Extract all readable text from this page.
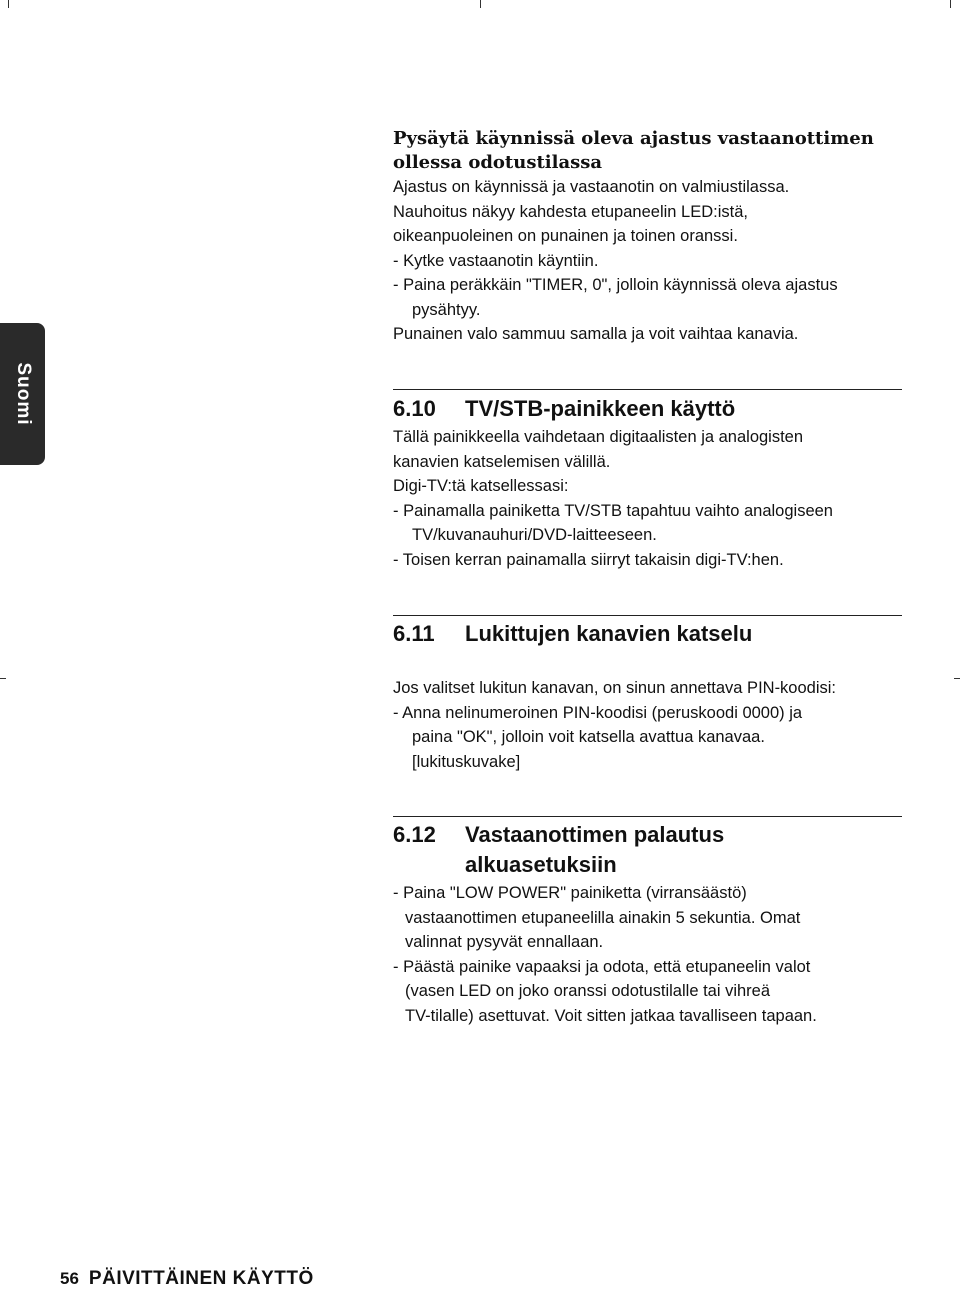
Suomi
Pysäytä käynnissä oleva ajastus vastaanottimen
ollessa odotustilassa
Ajastus on käynnissä ja vastaanotin on valmiustilassa.
Nauhoitus näkyy kahdesta etupaneelin LED:istä,
oikeanpuoleinen on punainen ja toinen oranssi.
- Kytke vastaanotin käyntiin.
- Paina peräkkäin "TIMER, 0", jolloin käynnissä oleva ajastus
pysähtyy.
Punainen valo sammuu samalla ja voit vaihtaa kanavia.
6.10 TV/STB-painikkeen käyttö
Tällä painikkeella vaihdetaan digitaalisten ja analogisten
kanavien katselemisen välillä.
Digi-TV:tä katsellessasi:
- Painamalla painiketta TV/STB tapahtuu vaihto analogiseen
TV/kuvanauhuri/DVD-laitteeseen.
- Toisen kerran painamalla siirryt takaisin digi-TV:hen.
6.11 Lukittujen kanavien katselu
Jos valitset lukitun kanavan, on sinun annettava PIN-koodisi:
- Anna nelinumeroinen PIN-koodisi (peruskoodi 0000) ja
paina "OK", jolloin voit katsella avattua kanavaa.
[lukituskuvake]
6.12 Vastaanottimen palautus
alkuasetuksiin
- Paina "LOW POWER" painiketta (virransäästö)
vastaanottimen etupaneelilla ainakin 5 sekuntia. Omat
valinnat pysyvät ennallaan.
- Päästä painike vapaaksi ja odota, että etupaneelin valot
(vasen LED on joko oranssi odotustilalle tai vihreä
TV-tilalle) asettuvat. Voit sitten jatkaa tavalliseen tapaan.
56 PÄIVITTÄINEN KÄYTTÖ
